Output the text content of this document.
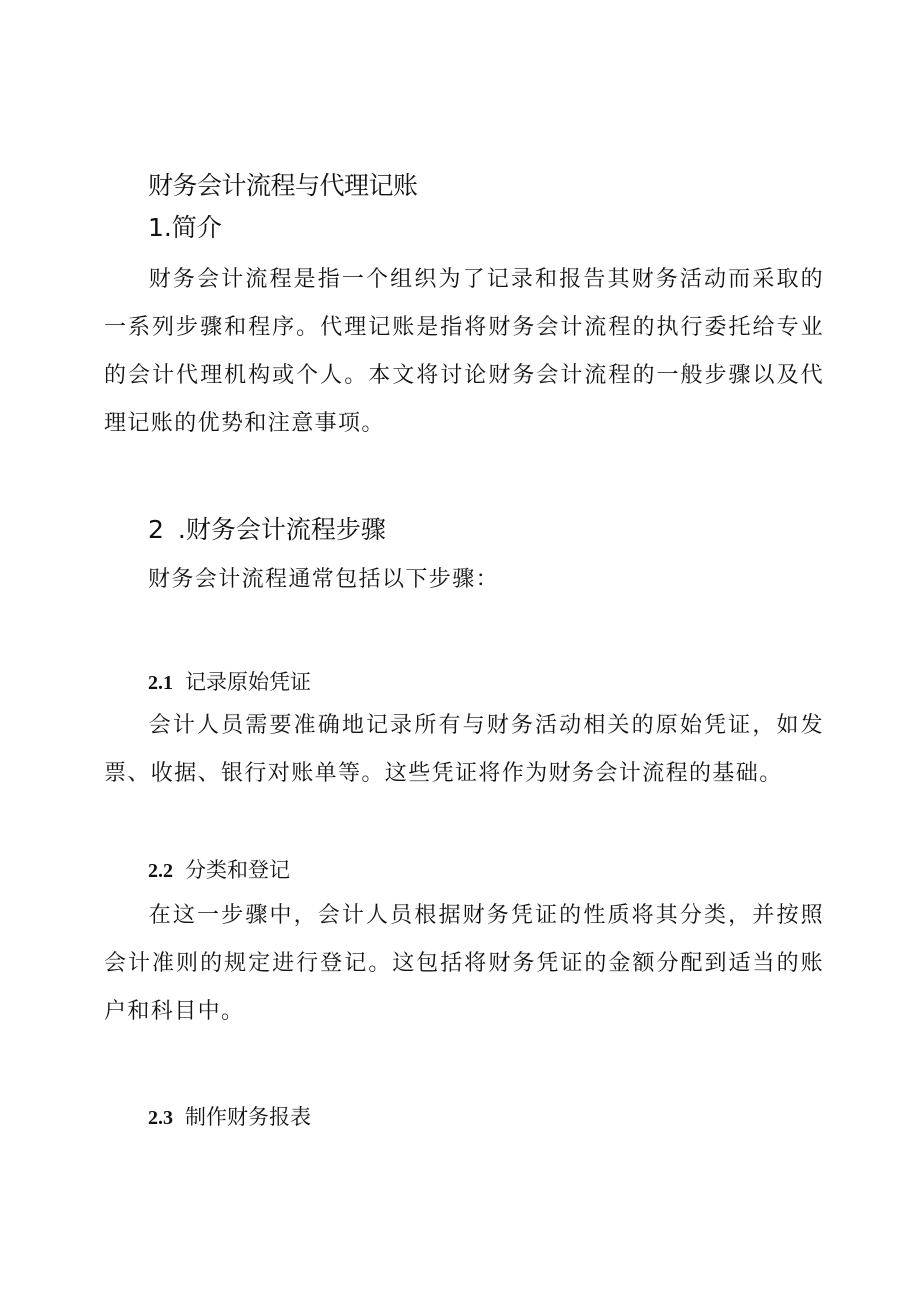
财务会计流程与代理记账
1.简介

财务会计流程是指一个组织为了记录和报告其财务活动而采取的一系列步骤和程序。代理记账是指将财务会计流程的执行委托给专业的会计代理机构或个人。本文将讨论财务会计流程的一般步骤以及代理记账的优势和注意事项。

2 .财务会计流程步骤

财务会计流程通常包括以下步骤：

2.1 记录原始凭证

会计人员需要准确地记录所有与财务活动相关的原始凭证，如发票、收据、银行对账单等。这些凭证将作为财务会计流程的基础。

2.2 分类和登记

在这一步骤中，会计人员根据财务凭证的性质将其分类，并按照会计准则的规定进行登记。这包括将财务凭证的金额分配到适当的账户和科目中。

2.3 制作财务报表
